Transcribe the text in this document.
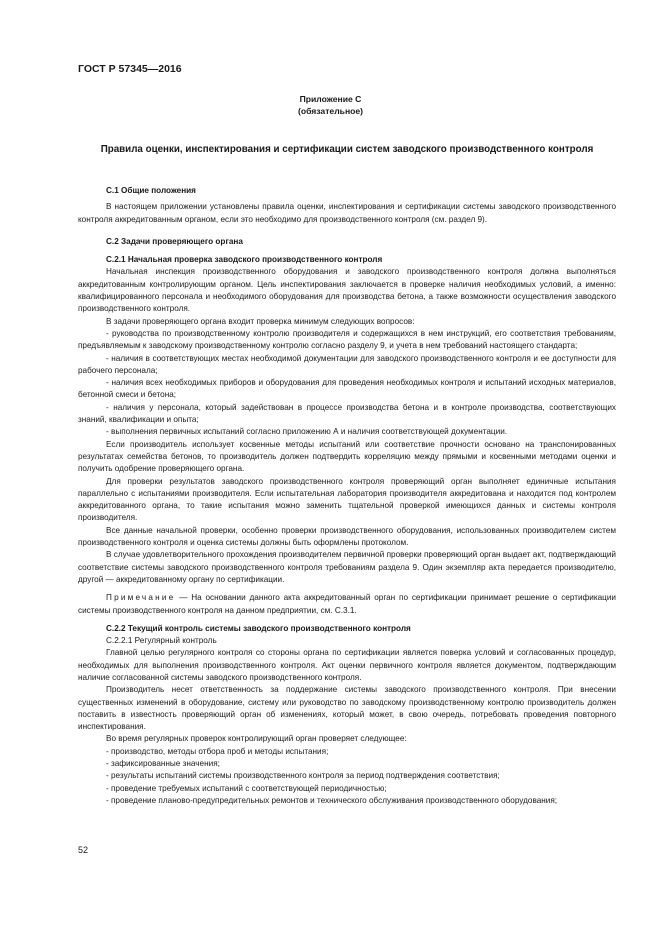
ГОСТ Р 57345—2016
Приложение С
(обязательное)
Правила оценки, инспектирования и сертификации систем заводского производственного контроля

С.1 Общие положения

В настоящем приложении установлены правила оценки, инспектирования и сертификации системы заводского производственного контроля аккредитованным органом, если это необходимо для производственного контроля (см. раздел 9).

С.2 Задачи проверяющего органа

С.2.1 Начальная проверка заводского производственного контроля

Начальная инспекция производственного оборудования и заводского производственного контроля должна выполняться аккредитованным контролирующим органом. Цель инспектирования заключается в проверке наличия необходимых условий, а именно: квалифицированного персонала и необходимого оборудования для производства бетона, а также возможности осуществления заводского производственного контроля.

В задачи проверяющего органа входит проверка минимум следующих вопросов:

- руководства по производственному контролю производителя и содержащихся в нем инструкций, его соответствия требованиям, предъявляемым к заводскому производственному контролю согласно разделу 9, и учета в нем требований настоящего стандарта;

- наличия в соответствующих местах необходимой документации для заводского производственного контроля и ее доступности для рабочего персонала;

- наличия всех необходимых приборов и оборудования для проведения необходимых контроля и испытаний исходных материалов, бетонной смеси и бетона;

- наличия у персонала, который задействован в процессе производства бетона и в контроле производства, соответствующих знаний, квалификации и опыта;

- выполнения первичных испытаний согласно приложению А и наличия соответствующей документации.

Если производитель использует косвенные методы испытаний или соответствие прочности основано на транспонированных результатах семейства бетонов, то производитель должен подтвердить корреляцию между прямыми и косвенными методами оценки и получить одобрение проверяющего органа.

Для проверки результатов заводского производственного контроля проверяющий орган выполняет единичные испытания параллельно с испытаниями производителя. Если испытательная лаборатория производителя аккредитована и находится под контролем аккредитованного органа, то такие испытания можно заменить тщательной проверкой имеющихся данных и системы контроля производителя.

Все данные начальной проверки, особенно проверки производственного оборудования, использованных производителем систем производственного контроля и оценка системы должны быть оформлены протоколом.

В случае удовлетворительного прохождения производителем первичной проверки проверяющий орган выдает акт, подтверждающий соответствие системы заводского производственного контроля требованиям раздела 9. Один экземпляр акта передается производителю, другой — аккредитованному органу по сертификации.

Примечание — На основании данного акта аккредитованный орган по сертификации принимает решение о сертификации системы производственного контроля на данном предприятии, см. С.3.1.

С.2.2 Текущий контроль системы заводского производственного контроля

С.2.2.1 Регулярный контроль

Главной целью регулярного контроля со стороны органа по сертификации является поверка условий и согласованных процедур, необходимых для выполнения производственного контроля. Акт оценки первичного контроля является документом, подтверждающим наличие согласованной системы заводского производственного контроля.

Производитель несет ответственность за поддержание системы заводского производственного контроля. При внесении существенных изменений в оборудование, систему или руководство по заводскому производственному контролю производитель должен поставить в известность проверяющий орган об изменениях, который может, в свою очередь, потребовать проведения повторного инспектирования.

Во время регулярных проверок контролирующий орган проверяет следующее:

- производство, методы отбора проб и методы испытания;

- зафиксированные значения;

- результаты испытаний системы производственного контроля за период подтверждения соответствия;

- проведение требуемых испытаний с соответствующей периодичностью;

- проведение планово-предупредительных ремонтов и технического обслуживания производственного оборудования;

52
